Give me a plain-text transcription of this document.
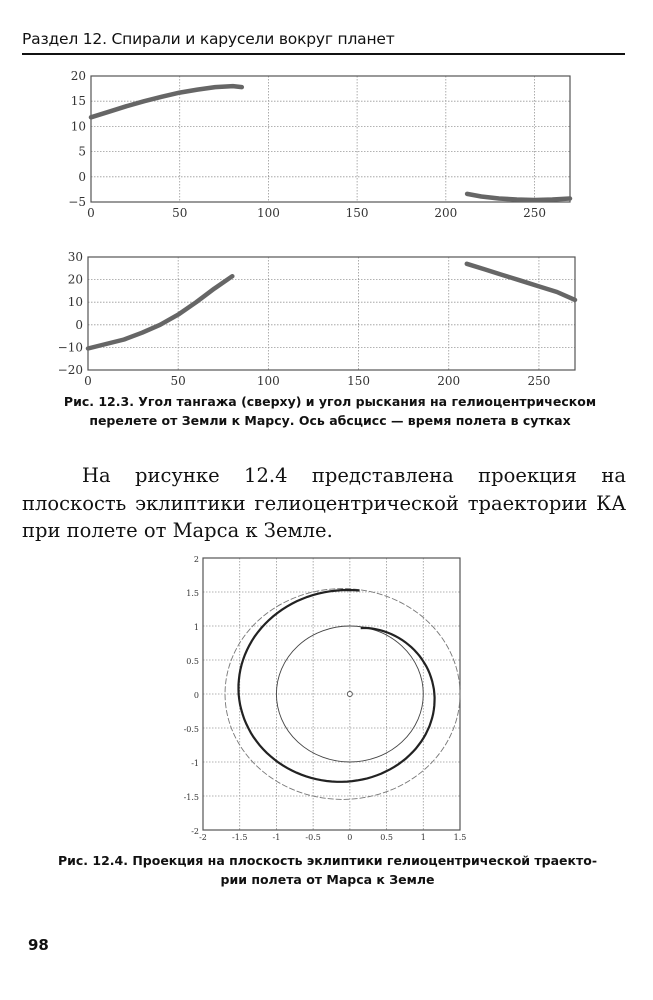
Раздел 12. Спирали и карусели вокруг планет
0	50	100	150	200	250
−5
0
5
10
15
20
0	50	100	150	200	250
−20
−10
0
10
20
30
-2	-1.5	-1	-0.5	0	0.5	1	1.5
-2
-1.5
-1
-0.5
0
0.5
1
1.5
2
Рис. 12.3. Угол тангажа (сверху) и угол рыскания на гелиоцентрическом
перелете от Земли к Марсу. Ось абсцисс — время полета в сутках

На рисунке 12.4 представлена проекция на плоскость эклиптики гелиоцентрической траектории КА при полете от Марса к Земле.

Рис. 12.4. Проекция на плоскость эклиптики гелиоцентрической траекто-
рии полета от Марса к Земле
98
